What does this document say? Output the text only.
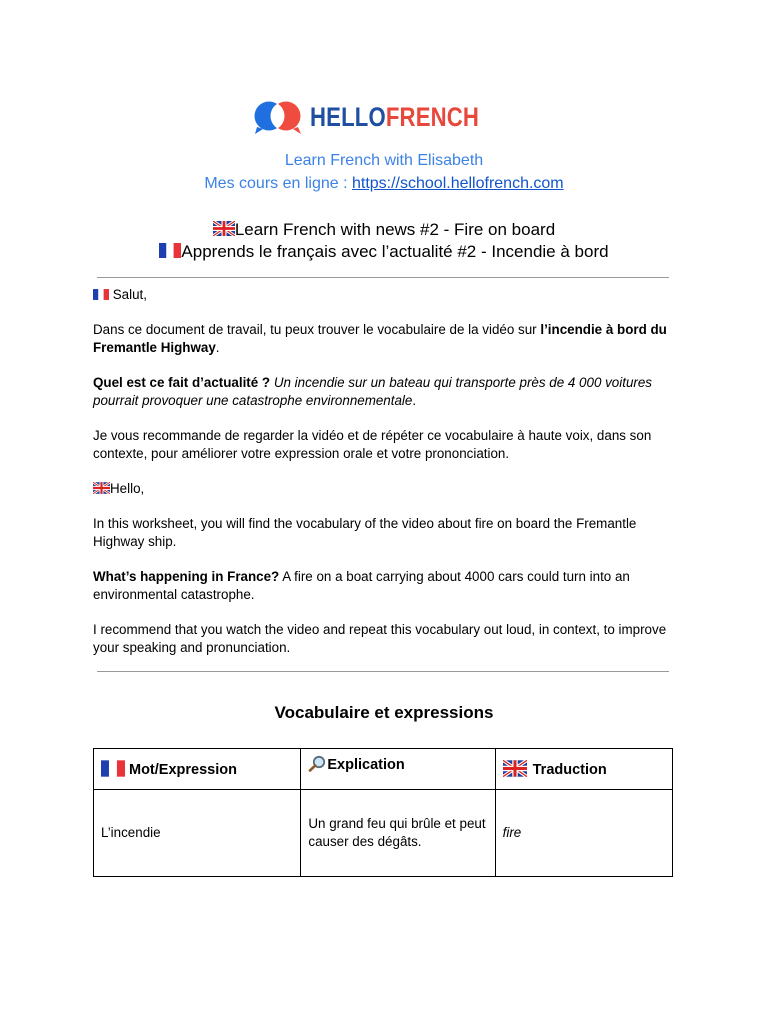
HELLOFRENCH
Learn French with Elisabeth
Mes cours en ligne : https://school.hellofrench.com
Learn French with news #2 - Fire on board
Apprends le français avec l’actualité #2 - Incendie à bord
Salut,
Dans ce document de travail, tu peux trouver le vocabulaire de la vidéo sur l’incendie à bord du Fremantle Highway.
Quel est ce fait d’actualité ? Un incendie sur un bateau qui transporte près de 4 000 voitures pourrait provoquer une catastrophe environnementale.
Je vous recommande de regarder la vidéo et de répéter ce vocabulaire à haute voix, dans son contexte, pour améliorer votre expression orale et votre prononciation.
Hello,
In this worksheet, you will find the vocabulary of the video about fire on board the Fremantle Highway ship.
What’s happening in France? A fire on a boat carrying about 4000 cars could turn into an environmental catastrophe.
I recommend that you watch the video and repeat this vocabulary out loud, in context, to improve your speaking and pronunciation.
Vocabulaire et expressions
Mot/Expression	Explication	Traduction
L’incendie	Un grand feu qui brûle et peut causer des dégâts.	fire
